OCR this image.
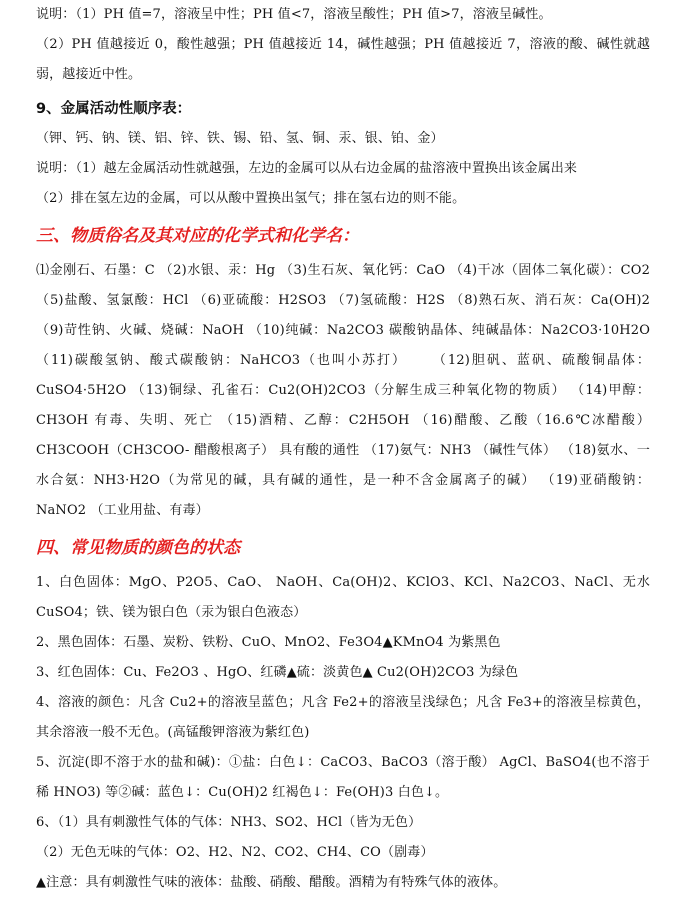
说明：（1）PH 值=7，溶液呈中性；PH 值<7，溶液呈酸性；PH 值>7，溶液呈碱性。

（2）PH 值越接近 0，酸性越强；PH 值越接近 14，碱性越强；PH 值越接近 7，溶液的酸、碱性就越弱，越接近中性。

9、金属活动性顺序表：

（钾、钙、钠、镁、铝、锌、铁、锡、铅、氢、铜、汞、银、铂、金）

说明：（1）越左金属活动性就越强，左边的金属可以从右边金属的盐溶液中置换出该金属出来

（2）排在氢左边的金属，可以从酸中置换出氢气；排在氢右边的则不能。

三、物质俗名及其对应的化学式和化学名：

⑴金刚石、石墨：C （2)水银、汞：Hg （3)生石灰、氧化钙：CaO （4)干冰（固体二氧化碳）：CO2 （5)盐酸、氢氯酸：HCl （6)亚硫酸：H2SO3 （7)氢硫酸：H2S （8)熟石灰、消石灰：Ca(OH)2 （9)苛性钠、火碱、烧碱：NaOH （10)纯碱：Na2CO3 碳酸钠晶体、纯碱晶体：Na2CO3·10H2O （11)碳酸氢钠、酸式碳酸钠：NaHCO3（也叫小苏打） （12)胆矾、蓝矾、硫酸铜晶体：CuSO4·5H2O （13)铜绿、孔雀石：Cu2(OH)2CO3（分解生成三种氧化物的物质） （14)甲醇：CH3OH 有毒、失明、死亡 （15)酒精、乙醇：C2H5OH （16)醋酸、乙酸（16.6℃冰醋酸）CH3COOH（CH3COO- 醋酸根离子） 具有酸的通性 （17)氨气：NH3 （碱性气体） （18)氨水、一水合氨：NH3·H2O（为常见的碱，具有碱的通性，是一种不含金属离子的碱） （19)亚硝酸钠：NaNO2 （工业用盐、有毒）

四、常见物质的颜色的状态

1、白色固体：MgO、P2O5、CaO、 NaOH、Ca(OH)2、KClO3、KCl、Na2CO3、NaCl、无水 CuSO4；铁、镁为银白色（汞为银白色液态）

2、黑色固体：石墨、炭粉、铁粉、CuO、MnO2、Fe3O4▲KMnO4 为紫黑色

3、红色固体：Cu、Fe2O3 、HgO、红磷▲硫：淡黄色▲ Cu2(OH)2CO3 为绿色

4、溶液的颜色：凡含 Cu2+的溶液呈蓝色；凡含 Fe2+的溶液呈浅绿色；凡含 Fe3+的溶液呈棕黄色，其余溶液一般不无色。(高锰酸钾溶液为紫红色)

5、沉淀(即不溶于水的盐和碱)：①盐：白色↓：CaCO3、BaCO3（溶于酸） AgCl、BaSO4(也不溶于稀 HNO3) 等②碱：蓝色↓：Cu(OH)2 红褐色↓：Fe(OH)3 白色↓。

6、（1）具有刺激性气体的气体：NH3、SO2、HCl（皆为无色）

（2）无色无味的气体：O2、H2、N2、CO2、CH4、CO（剧毒）

▲注意：具有刺激性气味的液体：盐酸、硝酸、醋酸。酒精为有特殊气体的液体。
